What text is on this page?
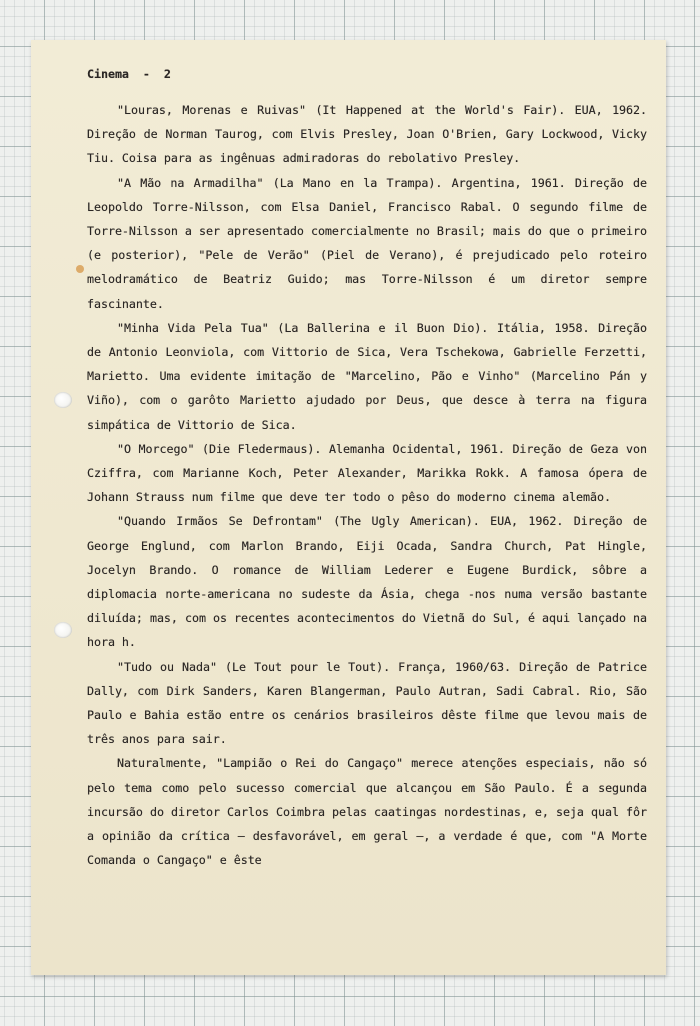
Cinema  -  2

"Louras, Morenas e Ruivas" (It Happened at the World's Fair). EUA, 1962. Direção de Norman Taurog, com Elvis Presley, Joan O'Brien, Gary Lockwood, Vicky Tiu. Coisa para as ingênuas admiradoras do rebolativo Presley.

"A Mão na Armadilha" (La Mano en la Trampa). Argentina, 1961. Direção de Leopoldo Torre-Nilsson, com Elsa Daniel, Francisco Rabal. O segundo filme de Torre-Nilsson a ser apresentado comercialmente no Brasil; mais do que o primeiro (e posterior), "Pele de Verão" (Piel de Verano), é prejudicado pelo roteiro melodramático de Beatriz Guido; mas Torre-Nilsson é um diretor sempre fascinante.

"Minha Vida Pela Tua" (La Ballerina e il Buon Dio). Itália, 1958. Direção de Antonio Leonviola, com Vittorio de Sica, Vera Tschekowa, Gabrielle Ferzetti, Marietto. Uma evidente imitação de "Marcelino, Pão e Vinho" (Marcelino Pán y Viño), com o garôto Marietto ajudado por Deus, que desce à terra na figura simpática de Vittorio de Sica.

"O Morcego" (Die Fledermaus). Alemanha Ocidental, 1961. Direção de Geza von Cziffra, com Marianne Koch, Peter Alexander, Marikka Rokk. A famosa ópera de Johann Strauss num filme que deve ter todo o pêso do moderno cinema alemão.

"Quando Irmãos Se Defrontam" (The Ugly American). EUA, 1962. Direção de George Englund, com Marlon Brando, Eiji Ocada, Sandra Church, Pat Hingle, Jocelyn Brando. O romance de William Lederer e Eugene Burdick, sôbre a diplomacia norte-americana no sudeste da Ásia, chega -nos numa versão bastante diluída; mas, com os recentes acontecimentos do Vietnã do Sul, é aqui lançado na hora h.

"Tudo ou Nada" (Le Tout pour le Tout). França, 1960/63. Direção de Patrice Dally, com Dirk Sanders, Karen Blangerman, Paulo Autran, Sadi Cabral. Rio, São Paulo e Bahia estão entre os cenários brasileiros dêste filme que levou mais de três anos para sair.

Naturalmente, "Lampião o Rei do Cangaço" merece atenções especiais, não só pelo tema como pelo sucesso comercial que alcançou em São Paulo. É a segunda incursão do diretor Carlos Coimbra pelas caatingas nordestinas, e, seja qual fôr a opinião da crítica — desfavorável, em geral —, a verdade é que, com "A Morte Comanda o Cangaço" e êste
